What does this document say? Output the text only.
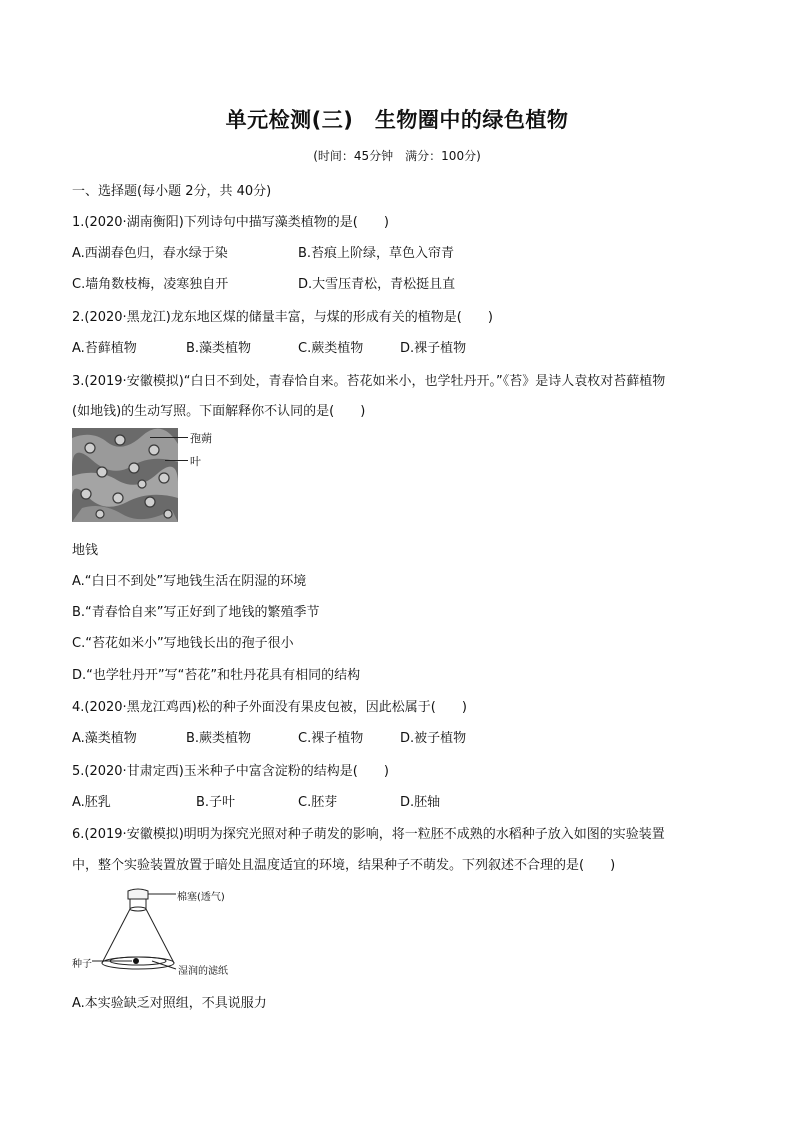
单元检测(三)　生物圈中的绿色植物
(时间：45分钟　满分：100分)
一、选择题(每小题 2分，共 40分)
1.(2020·湖南衡阳)下列诗句中描写藻类植物的是(　　)
A.西湖春色归，春水绿于染	B.苔痕上阶绿，草色入帘青
C.墙角数枝梅，凌寒独自开	D.大雪压青松，青松挺且直
2.(2020·黑龙江)龙东地区煤的储量丰富，与煤的形成有关的植物是(　　)
A.苔藓植物	B.藻类植物	C.蕨类植物	D.裸子植物
3.(2019·安徽模拟)“白日不到处，青春恰自来。苔花如米小，也学牡丹开。”《苔》是诗人袁枚对苔藓植物
(如地钱)的生动写照。下面解释你不认同的是(　　)
孢蒴
叶
地钱
A.“白日不到处”写地钱生活在阴湿的环境
B.“青春恰自来”写正好到了地钱的繁殖季节
C.“苔花如米小”写地钱长出的孢子很小
D.“也学牡丹开”写“苔花”和牡丹花具有相同的结构
4.(2020·黑龙江鸡西)松的种子外面没有果皮包被，因此松属于(　　)
A.藻类植物	B.蕨类植物	C.裸子植物	D.被子植物
5.(2020·甘肃定西)玉米种子中富含淀粉的结构是(　　)
A.胚乳	B.子叶	C.胚芽	D.胚轴
6.(2019·安徽模拟)明明为探究光照对种子萌发的影响，将一粒胚不成熟的水稻种子放入如图的实验装置
中，整个实验装置放置于暗处且温度适宜的环境，结果种子不萌发。下列叙述不合理的是(　　)
棉塞(透气)
种子
湿润的滤纸
A.本实验缺乏对照组，不具说服力
